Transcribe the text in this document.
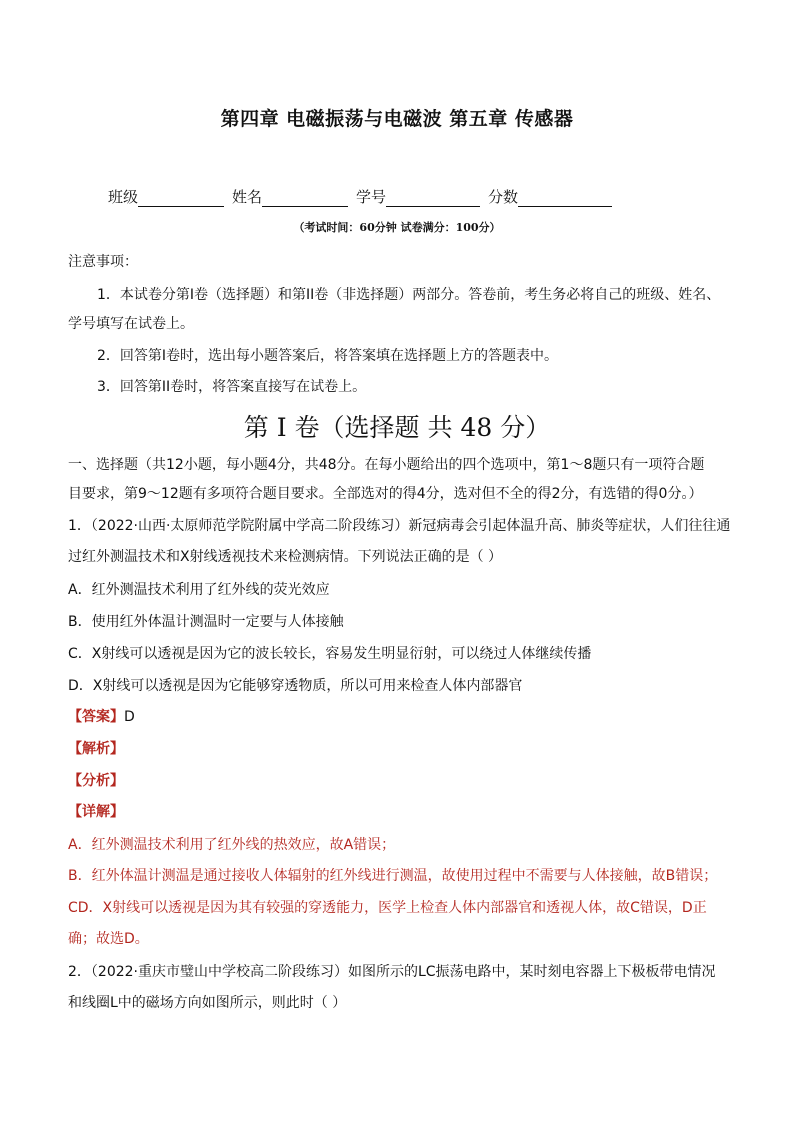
第四章 电磁振荡与电磁波 第五章 传感器
班级	姓名	学号	分数
（考试时间：60分钟 试卷满分：100分）
注意事项：
1．本试卷分第I卷（选择题）和第II卷（非选择题）两部分。答卷前，考生务必将自己的班级、姓名、
学号填写在试卷上。
2．回答第I卷时，选出每小题答案后，将答案填在选择题上方的答题表中。
3．回答第II卷时，将答案直接写在试卷上。
第 I 卷（选择题 共 48 分）
一、选择题（共12小题，每小题4分，共48分。在每小题给出的四个选项中，第1～8题只有一项符合题
目要求，第9～12题有多项符合题目要求。全部选对的得4分，选对但不全的得2分，有选错的得0分。）
1．（2022·山西·太原师范学院附属中学高二阶段练习）新冠病毒会引起体温升高、肺炎等症状，人们往往通
过红外测温技术和X射线透视技术来检测病情。下列说法正确的是（ ）
A．红外测温技术利用了红外线的荧光效应
B．使用红外体温计测温时一定要与人体接触
C．X射线可以透视是因为它的波长较长，容易发生明显衍射，可以绕过人体继续传播
D．X射线可以透视是因为它能够穿透物质，所以可用来检查人体内部器官
【答案】D
【解析】
【分析】
【详解】
A．红外测温技术利用了红外线的热效应，故A错误；
B．红外体温计测温是通过接收人体辐射的红外线进行测温，故使用过程中不需要与人体接触，故B错误；
CD．X射线可以透视是因为其有较强的穿透能力，医学上检查人体内部器官和透视人体，故C错误，D正
确；故选D。
2．（2022·重庆市璧山中学校高二阶段练习）如图所示的LC振荡电路中，某时刻电容器上下极板带电情况
和线圈L中的磁场方向如图所示，则此时（ ）
